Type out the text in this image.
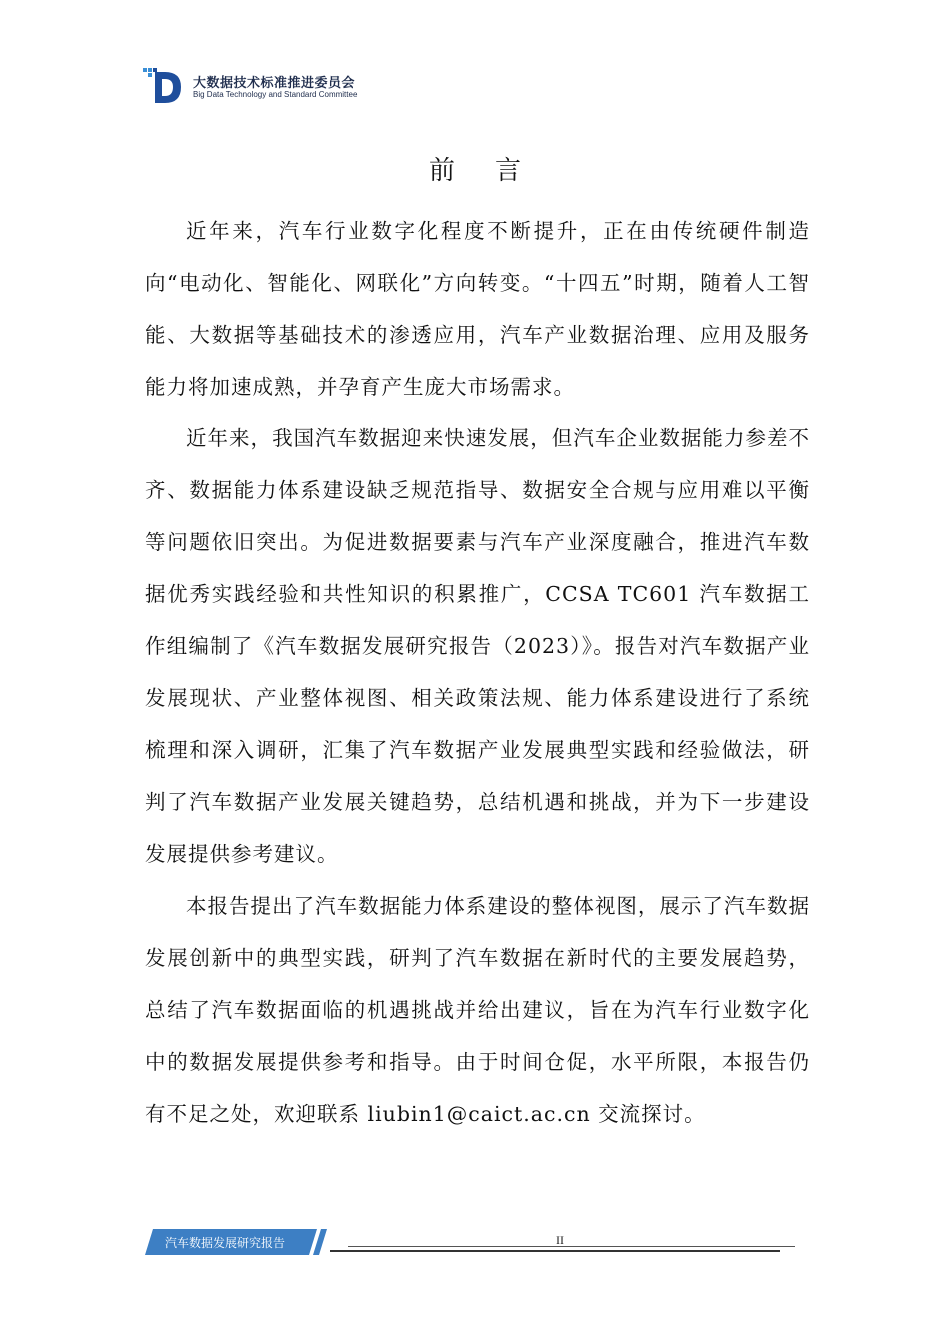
大数据技术标准推进委员会
Big Data Technology and Standard Committee
前言

近年来，汽车行业数字化程度不断提升，正在由传统硬件制造向“电动化、智能化、网联化”方向转变。“十四五”时期，随着人工智能、大数据等基础技术的渗透应用，汽车产业数据治理、应用及服务能力将加速成熟，并孕育产生庞大市场需求。

近年来，我国汽车数据迎来快速发展，但汽车企业数据能力参差不齐、数据能力体系建设缺乏规范指导、数据安全合规与应用难以平衡等问题依旧突出。为促进数据要素与汽车产业深度融合，推进汽车数据优秀实践经验和共性知识的积累推广，CCSA TC601 汽车数据工作组编制了《汽车数据发展研究报告（2023）》。报告对汽车数据产业发展现状、产业整体视图、相关政策法规、能力体系建设进行了系统梳理和深入调研，汇集了汽车数据产业发展典型实践和经验做法，研判了汽车数据产业发展关键趋势，总结机遇和挑战，并为下一步建设发展提供参考建议。

本报告提出了汽车数据能力体系建设的整体视图，展示了汽车数据发展创新中的典型实践，研判了汽车数据在新时代的主要发展趋势，总结了汽车数据面临的机遇挑战并给出建议，旨在为汽车行业数字化中的数据发展提供参考和指导。由于时间仓促，水平所限，本报告仍有不足之处，欢迎联系 liubin1@caict.ac.cn 交流探讨。

汽车数据发展研究报告	II
